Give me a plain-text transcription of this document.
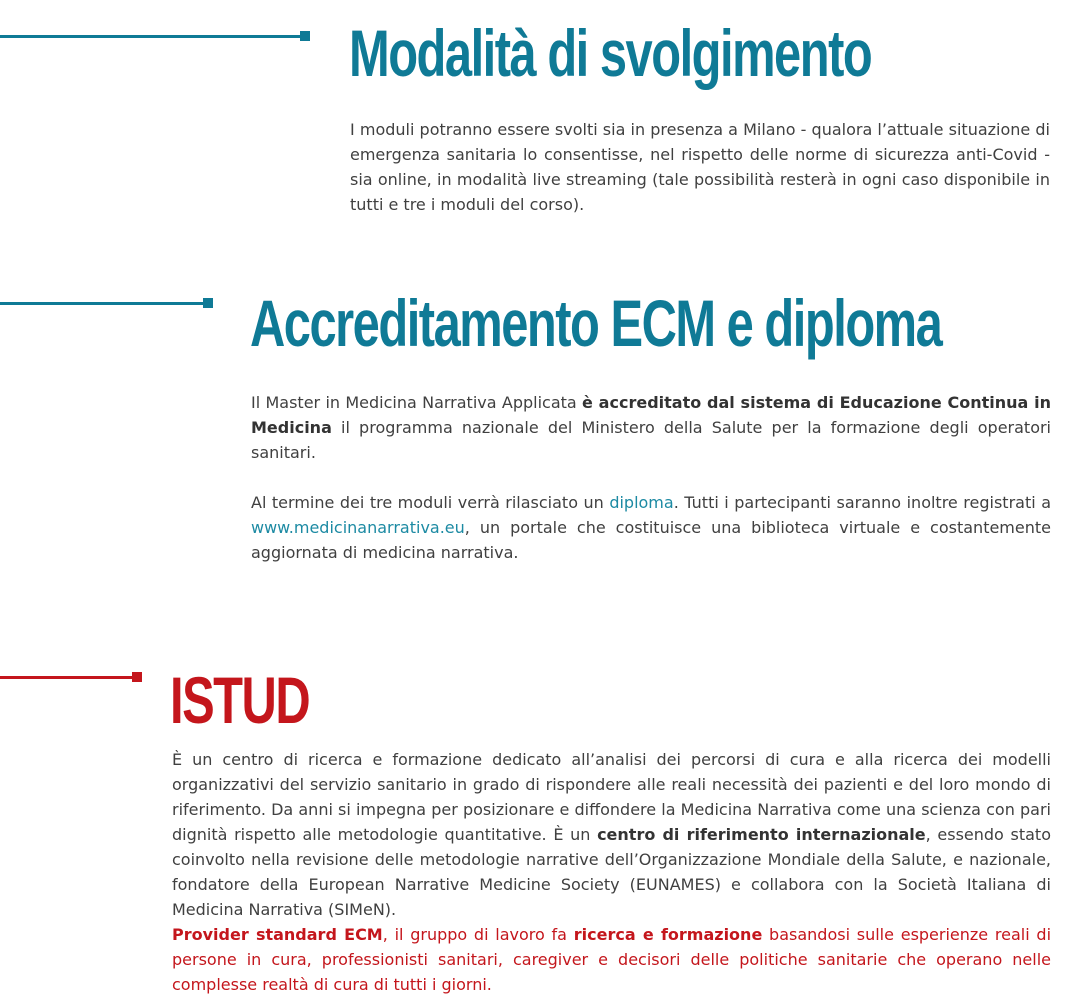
Modalità di svolgimento

I moduli potranno essere svolti sia in presenza a Milano - qualora l’attuale situazione di emergenza sanitaria lo consentisse, nel rispetto delle norme di sicurezza anti-Covid - sia online, in modalità live streaming (tale possibilità resterà in ogni caso disponibile in tutti e tre i moduli del corso).

Accreditamento ECM e diploma

Il Master in Medicina Narrativa Applicata è accreditato dal sistema di Educazione Continua in Medicina il programma nazionale del Ministero della Salute per la formazione degli operatori sanitari.

Al termine dei tre moduli verrà rilasciato un diploma. Tutti i partecipanti saranno inoltre registrati a www.medicinanarrativa.eu, un portale che costituisce una biblioteca virtuale e costantemente aggiornata di medicina narrativa.

ISTUD

È un centro di ricerca e formazione dedicato all’analisi dei percorsi di cura e alla ricerca dei modelli organizzativi del servizio sanitario in grado di rispondere alle reali necessità dei pazienti e del loro mondo di riferimento. Da anni si impegna per posizionare e diffondere la Medicina Narrativa come una scienza con pari dignità rispetto alle metodologie quantitative. È un centro di riferimento internazionale, essendo stato coinvolto nella revisione delle metodologie narrative dell’Organizzazione Mondiale della Salute, e nazionale, fondatore della European Narrative Medicine Society (EUNAMES) e collabora con la Società Italiana di Medicina Narrativa (SIMeN).

Provider standard ECM, il gruppo di lavoro fa ricerca e formazione basandosi sulle esperienze reali di persone in cura, professionisti sanitari, caregiver e decisori delle politiche sanitarie che operano nelle complesse realtà di cura di tutti i giorni.
